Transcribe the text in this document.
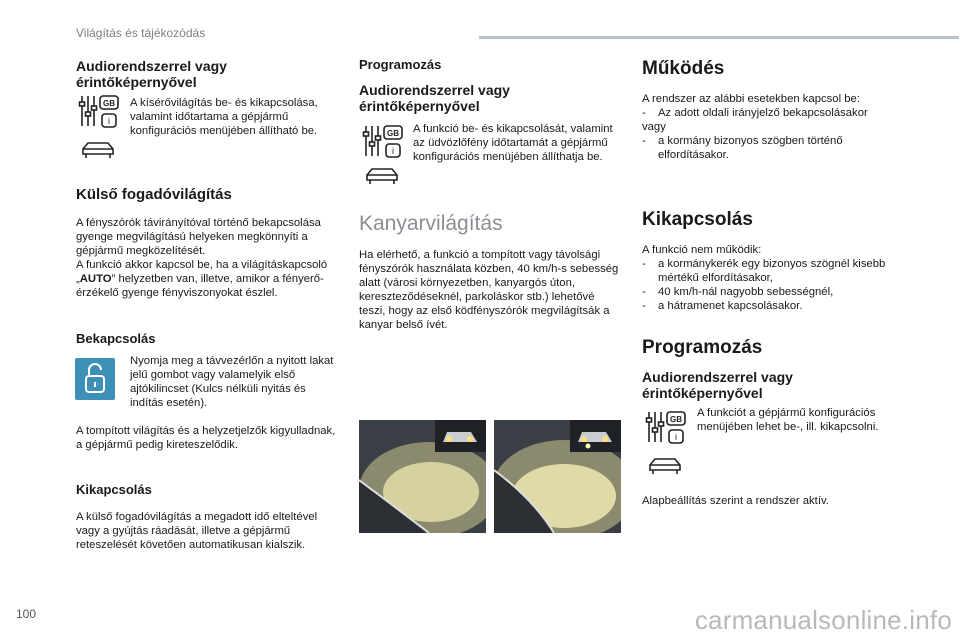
Világítás és tájékozódás
Audiorendszerrel vagy érintőképernyővel
GB
i
A kísérővilágítás be- és kikapcsolása, valamint időtartama a gépjármű konfigurációs menüjében állítható be.
Külső fogadóvilágítás

A fényszórók távirányítóval történő bekapcsolása gyenge megvilágítású helyeken megkönnyíti a gépjármű megközelítését.

A funkció akkor kapcsol be, ha a világításkapcsoló „AUTO” helyzetben van, illetve, amikor a fényerő-érzékelő gyenge fényviszonyokat észlel.

Bekapcsolás
Nyomja meg a távvezérlőn a nyitott lakat jelű gombot vagy valamelyik első ajtókilincset (Kulcs nélküli nyitás és indítás esetén).
A tompított világítás és a helyzetjelzők kigyulladnak, a gépjármű pedig kireteszelődik.
Kikapcsolás
A külső fogadóvilágítás a megadott idő elteltével vagy a gyújtás ráadását, illetve a gépjármű reteszelését követően automatikusan kialszik.
Programozás
Audiorendszerrel vagy érintőképernyővel
GB
i
A funkció be- és kikapcsolását, valamint az üdvözlőfény időtartamát a gépjármű konfigurációs menüjében állíthatja be.
Kanyarvilágítás
Ha elérhető, a funkció a tompított vagy távolsági fényszórók használata közben, 40 km/h-s sebesség alatt (városi környezetben, kanyargós úton, kereszteződéseknél, parkoláskor stb.) lehetővé teszi, hogy az első ködfényszórók megvilágítsák a kanyar belső ívét.
Működés

A rendszer az alábbi esetekben kapcsol be:

-	Az adott oldali irányjelző bekapcsolásakor

vagy

-	a kormány bizonyos szögben történő elfordításakor.
Kikapcsolás

A funkció nem működik:

-	a kormánykerék egy bizonyos szögnél kisebb mértékű elfordításakor,
-	40 km/h-nál nagyobb sebességnél,
-	a hátramenet kapcsolásakor.
Programozás
Audiorendszerrel vagy érintőképernyővel
GB
i
A funkciót a gépjármű konfigurációs menüjében lehet be-, ill. kikapcsolni.
Alapbeállítás szerint a rendszer aktív.
100	carmanualsonline.info
